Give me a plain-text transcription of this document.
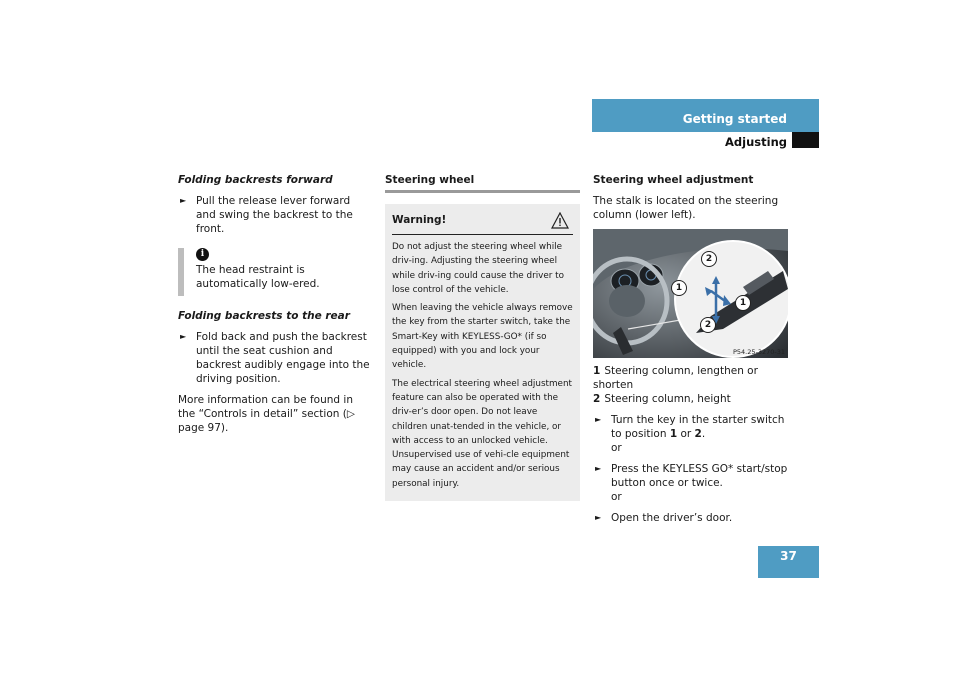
Getting started
Adjusting
37
Folding backrests forward
► Pull the release lever forward and swing the backrest to the front.
i
The head restraint is automatically low-ered.
Folding backrests to the rear
► Fold back and push the backrest until the seat cushion and backrest audibly engage into the driving position.
More information can be found in the “Controls in detail” section (▷ page 97).
Steering wheel
Warning!
Do not adjust the steering wheel while driv-ing. Adjusting the steering wheel while driv-ing could cause the driver to lose control of the vehicle.
When leaving the vehicle always remove the key from the starter switch, take the Smart-Key with KEYLESS-GO* (if so equipped) with you and lock your vehicle.
The electrical steering wheel adjustment feature can also be operated with the driv-er’s door open. Do not leave children unat-tended in the vehicle, or with access to an unlocked vehicle. Unsupervised use of vehi-cle equipment may cause an accident and/or serious personal injury.
Steering wheel adjustment
The stalk is located on the steering column (lower left).
1
2
1
2
P54.25-3270-31
1 Steering column, lengthen or shorten
2 Steering column, height
► Turn the key in the starter switch to position 1 or 2.
or
► Press the KEYLESS GO* start/stop button once or twice.
or
► Open the driver’s door.
